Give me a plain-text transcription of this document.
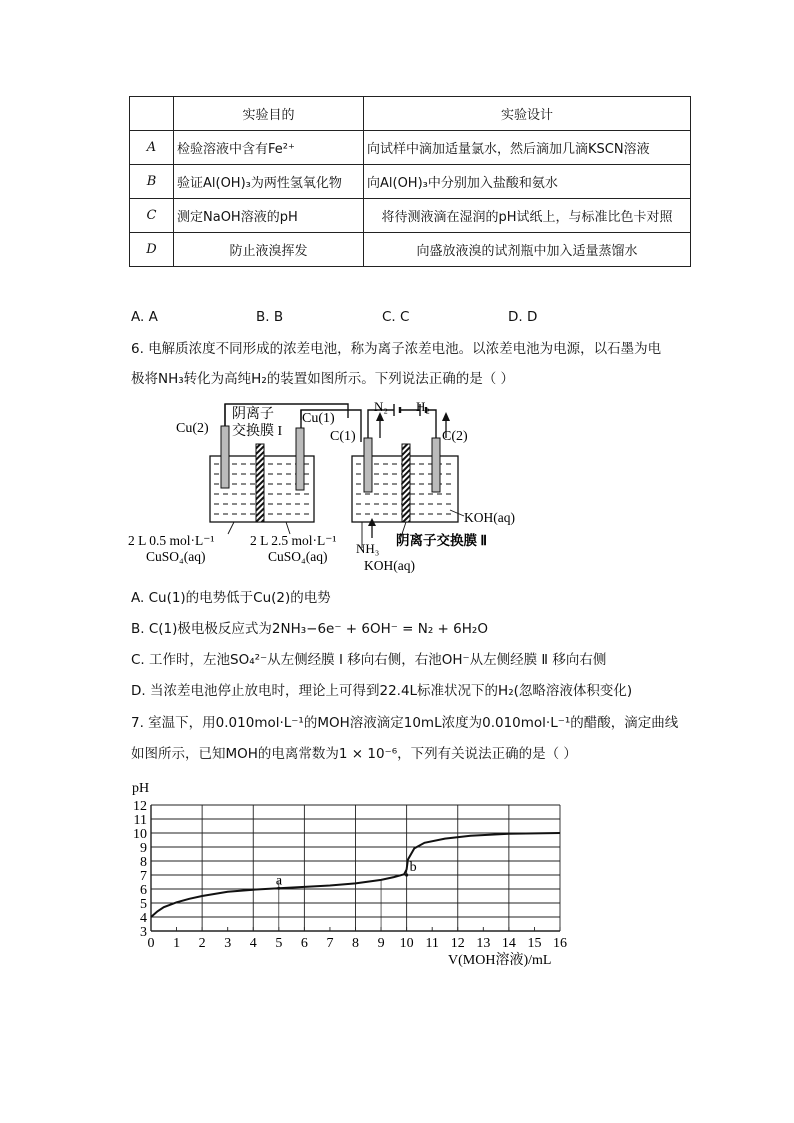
	实验目的	实验设计
A	检验溶液中含有Fe²⁺	向试样中滴加适量氯水，然后滴加几滴KSCN溶液
B	验证Al(OH)₃为两性氢氧化物	向Al(OH)₃中分别加入盐酸和氨水
C	测定NaOH溶液的pH	将待测液滴在湿润的pH试纸上，与标准比色卡对照
D	防止液溴挥发	向盛放液溴的试剂瓶中加入适量蒸馏水
A. A	B. B	C. C	D. D
6. 电解质浓度不同形成的浓差电池，称为离子浓差电池。以浓差电池为电源，以石墨为电
极将NH₃转化为高纯H₂的装置如图所示。下列说法正确的是（ ）
Cu(2)
阴离子
交换膜 I
Cu(1)
C(1)
N₂ H₂
C(2)
KOH(aq)
2 L 0.5 mol·L⁻¹
CuSO₄(aq)
2 L 2.5 mol·L⁻¹
CuSO₄(aq)
NH₃
KOH(aq)
阴离子交换膜 Ⅱ
A. Cu(1)的电势低于Cu(2)的电势
B. C(1)极电极反应式为2NH₃−6e⁻ + 6OH⁻ = N₂ + 6H₂O
C. 工作时，左池SO₄²⁻从左侧经膜 I 移向右侧，右池OH⁻从左侧经膜 Ⅱ 移向右侧
D. 当浓差电池停止放电时，理论上可得到22.4L标准状况下的H₂(忽略溶液体积变化)
7. 室温下，用0.010mol·L⁻¹的MOH溶液滴定10mL浓度为0.010mol·L⁻¹的醋酸，滴定曲线
如图所示，已知MOH的电离常数为1 × 10⁻⁶，下列有关说法正确的是（ ）
3
4
5
6
7
8
9
10
11
12
0 1 2 3 4 5 6 7 8 9 10 11 12 13 14 15 16
a
b
pH
V(MOH溶液)/mL
